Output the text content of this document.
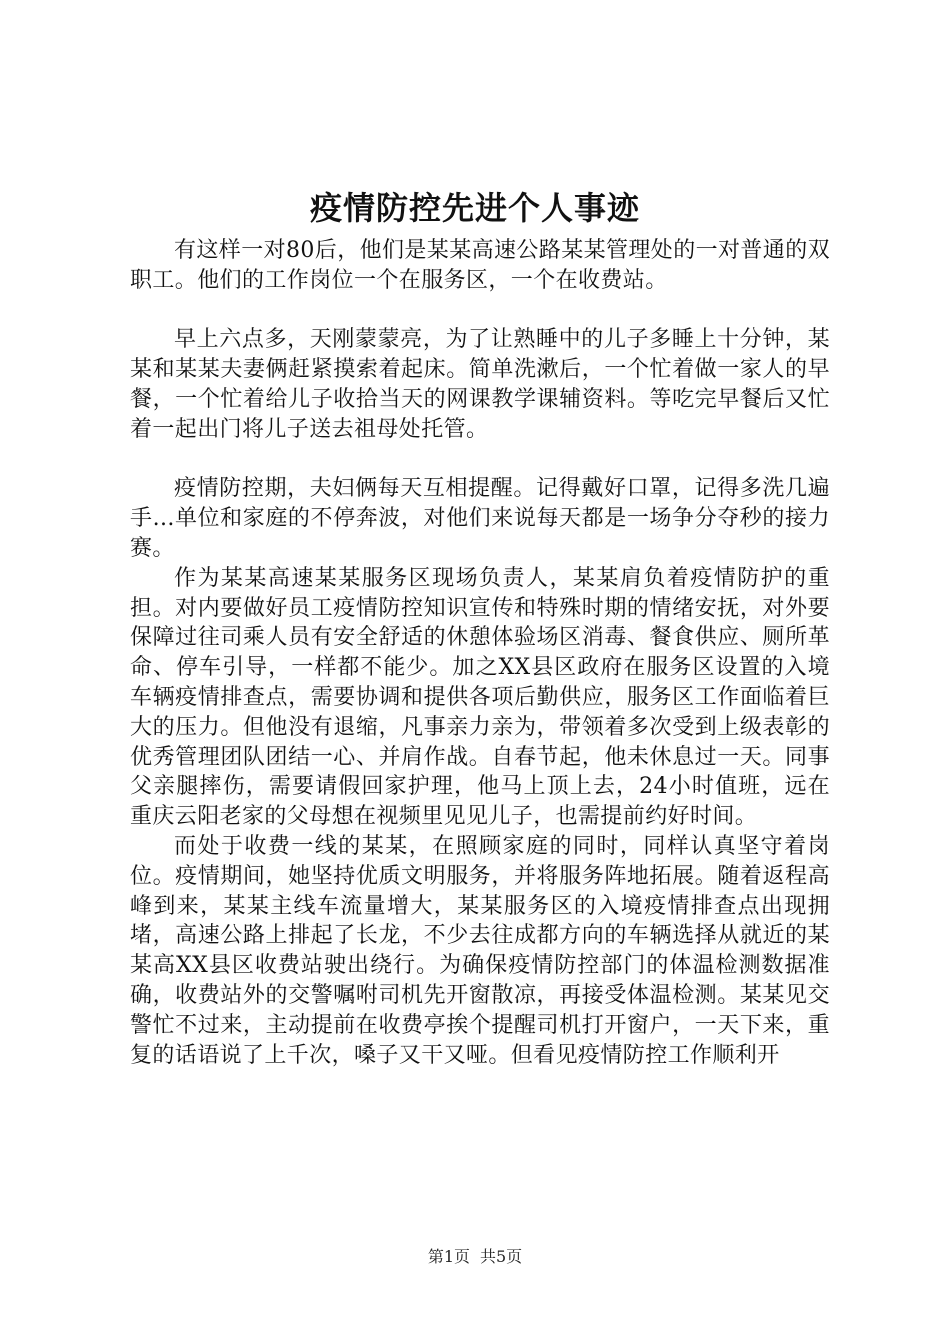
疫情防控先进个人事迹

有这样一对80后，他们是某某高速公路某某管理处的一对普通的双职工。他们的工作岗位一个在服务区，一个在收费站。

早上六点多，天刚蒙蒙亮，为了让熟睡中的儿子多睡上十分钟，某某和某某夫妻俩赶紧摸索着起床。简单洗漱后，一个忙着做一家人的早餐，一个忙着给儿子收拾当天的网课教学课辅资料。等吃完早餐后又忙着一起出门将儿子送去祖母处托管。

疫情防控期，夫妇俩每天互相提醒。记得戴好口罩，记得多洗几遍手...单位和家庭的不停奔波，对他们来说每天都是一场争分夺秒的接力赛。

作为某某高速某某服务区现场负责人，某某肩负着疫情防护的重担。对内要做好员工疫情防控知识宣传和特殊时期的情绪安抚，对外要保障过往司乘人员有安全舒适的休憩体验场区消毒、餐食供应、厕所革命、停车引导，一样都不能少。加之XX县区政府在服务区设置的入境车辆疫情排查点，需要协调和提供各项后勤供应，服务区工作面临着巨大的压力。但他没有退缩，凡事亲力亲为，带领着多次受到上级表彰的优秀管理团队团结一心、并肩作战。自春节起，他未休息过一天。同事父亲腿摔伤，需要请假回家护理，他马上顶上去，24小时值班，远在重庆云阳老家的父母想在视频里见见儿子，也需提前约好时间。

而处于收费一线的某某，在照顾家庭的同时，同样认真坚守着岗位。疫情期间，她坚持优质文明服务，并将服务阵地拓展。随着返程高峰到来，某某主线车流量增大，某某服务区的入境疫情排查点出现拥堵，高速公路上排起了长龙，不少去往成都方向的车辆选择从就近的某某高XX县区收费站驶出绕行。为确保疫情防控部门的体温检测数据准确，收费站外的交警嘱咐司机先开窗散凉，再接受体温检测。某某见交警忙不过来，主动提前在收费亭挨个提醒司机打开窗户，一天下来，重复的话语说了上千次，嗓子又干又哑。但看见疫情防控工作顺利开

第1页 共5页
